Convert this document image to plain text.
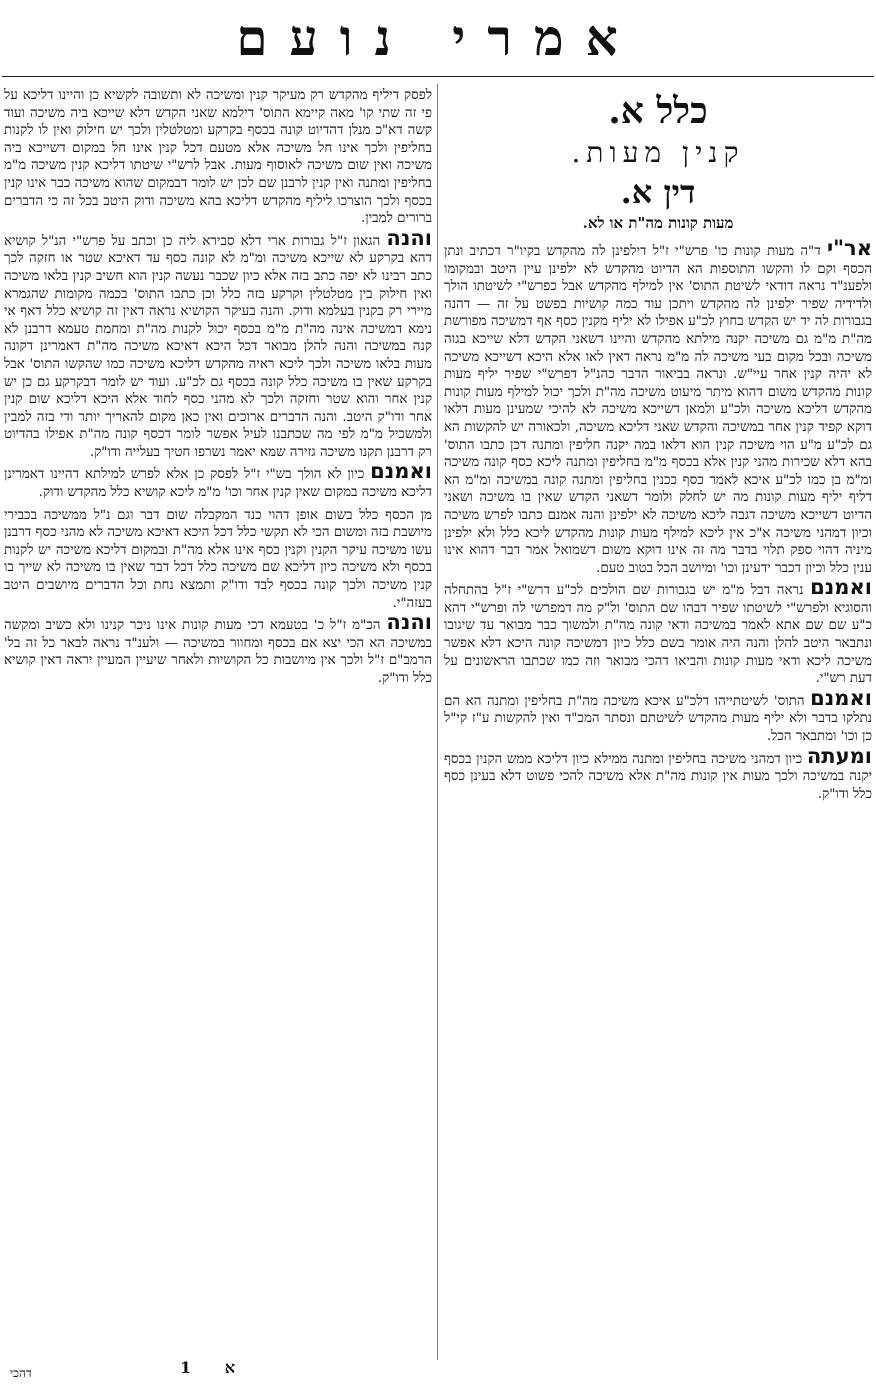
אמרי נועם
כלל א.
קנין מעות.
דין א.
מעות קונות מה"ת או לא.

אר"י ד"ה מעות קונות כו' פרש"י ז"ל דילפינן לה מהקדש בקיו"ר דכתיב ונתן הכסף וקם לו והקשו התוספות הא הדיוט מהקדש לא ילפינן עיין היטב ובמקומו ולפענ"ד נראה דודאי לשיטת התוס' אין למילף מהקדש אבל כפרש"י לשיטתו הולך ולדידיה שפיר ילפינן לה מהקדש ויתכן עוד כמה קושיות בפשט על זה — דהנה בגבורות לה יד יש הקדש בחוץ לכ"ע אפילו לא יליף מקנין כסף אף דמשיכה מפורשת מה"ת מ"מ גם משיכה יקנה מילתא מהקדש והיינו דשאני הקדש דלא שייכא בגוה משיכה ובכל מקום בעי משיכה לה מ"מ נראה דאין לאו אלא היכא דשייכא משיכה לא יהיה קנין אחר עיי"ש. ונראה בביאור הדבר כהנ"ל דפרש"י שפיר יליף מעות קונות מהקדש משום דהוא מיתר מיעוט משיכה מה"ת ולכך יכול למילף מעות קונות מהקדש דליכא משיכה ולכ"ע ולמאן דשייכא משיכה לא להיכי שמעינן מעות דלאו דוקא קפיד קנין אחר במשיכה והקדש שאני דליכא משיכה, ולכאורה יש להקשות הא גם לכ"ע מ"ע הוי משיכה קנין הוא דלאו במה יקנה חליפין ומתנה דכן כתבו התוס' בהא דלא שכירות מהני קנין אלא בכסף מ"מ בחליפין ומתנה ליכא כסף קונה משיכה ומ"מ בן כמו לכ"ע איכא לאמר כסף ככנין בחליפין ומתנה קונה במשיכה ומ"מ הא דליף יליף מעות קונות מה יש לחלק ולומר דשאני הקדש שאין בו משיכה ושאני הדיוט דשייכא משיכה דגבה ליכא משיכה לא ילפינן והנה אמנם כתבו לפרש משיכה וכיון דמהני משיכה א"כ אין ליכא למילף מעות קונות מהקדש ליכא כלל ולא ילפינן מיניה דהוי ספק תלוי בדבר מה זה אינו דוקא משום דשמואל אמר דבר דהוא אינו ענין כלל וכיון דכבר ידעינן וכו' ומיושב הכל בטוב טעם.

ואמנם נראה דבל מ"מ יש בגבורות שם הולכים לכ"ע דרש"י ז"ל בהתחלה והסוגיא ולפרש"י לשיטתו שפיר דבהו שם התוס' ול"ק מה דמפרשי לה ופרש"י דהא כ"ע שם שם אתא לאמר במשיכה ודאי קונה מה"ת ולמשוך כבר מבואר עד שיגובו ונתבאר היטב להלן והנה היה אומר בשם כלל כיון דמשיכה קונה היכא דלא אפשר משיכה ליכא ודאי מעות קונות והביאו דהכי מבואר וזה כמו שכתבו הראשונים על דעת רש"י.

ואמנם התוס' לשיטתייהו דלכ"ע איכא משיכה מה"ת בחליפין ומתנה הא הם נתלקו בדבר ולא יליף מעות מהקדש לשיטתם ונסתר המכ"ד ואין להקשות ע"ז קי"ל כן וכו' ומתבאר הכל.

ומעתה כיון דמהני משיכה בחליפין ומתנה ממילא כיון דליכא ממש הקנין בכסף יקנה במשיכה ולכך מעות אין קונות מה"ת אלא משיכה להכי פשוט דלא בעינן כסף כלל ודו"ק.

לפסק דיליף מהקדש רק מעיקר קנין ומשיכה לא ותשובה לקשיא כן והיינו דליכא על פי זה שתי קו' מאה קיימא התוס' דילמא שאני הקדש דלא שייכא ביה משיכה ועוד קשה דא"כ מנלן דהדיוט קונה בכסף בקרקע ומטלטלין ולכך יש חילוק ואין לו לקנות בחליפין ולכך אינו חל משיכה אלא מטעם דכל קנין אינו חל במקום דשייכא ביה משיכה ואין שום משיכה לאוסוף מעות. אבל לרש"י שיטתו דליכא קנין משיכה מ"מ בחליפין ומתנה ואין קנין לרבנן שם לכן יש לומר דבמקום שהוא משיכה כבר אינו קנין בכסף ולכך הוצרכו ליליף מהקדש דליכא בהא משיכה ודוק היטב בכל זה כי הדברים ברורים למבין.

והנה הגאון ז"ל גבורות ארי דלא סבירא ליה כן וכתב על פרש"י הנ"ל קושיא דהא בקרקע לא שייכא משיכה ומ"מ לא קונה כסף עד דאיכא שטר או חזקה לכך כתב רבינו לא יפה כתב בזה אלא כיון שכבר נעשה קנין הוא חשיב קנין בלאו משיכה ואין חילוק בין מטלטלין וקרקע בזה כלל וכן כתבו התוס' בכמה מקומות שהגמרא מיירי רק בקנין בעלמא ודוק. והנה בעיקר הקושיא נראה דאין זה קושיא כלל דאף אי נימא דמשיכה אינה מה"ת מ"מ בכסף יכול לקנות מה"ת ומחמת טעמא דרבנן לא קנה במשיכה והנה להלן מבואר דכל היכא דאיכא משיכה מה"ת דאמרינן דקונה מעות בלאו משיכה ולכך ליכא ראיה מהקדש דליכא משיכה כמו שהקשו התוס' אבל בקרקע שאין בו משיכה כלל קונה בכסף גם לכ"ע. ועוד יש לומר דבקרקע גם כן יש קנין אחר והוא שטר וחזקה ולכך לא מהני כסף לחוד אלא היכא דליכא שום קנין אחר ודו"ק היטב. והנה הדברים ארוכים ואין כאן מקום להאריך יותר ודי בזה למבין ולמשכיל מ"מ לפי מה שכתבנו לעיל אפשר לומר דכסף קונה מה"ת אפילו בהדיוט רק דרבנן תקנו משיכה גזירה שמא יאמר נשרפו חטיך בעלייה ודו"ק.

ואמנם כיון לא הולך בש"י ז"ל לפסק כן אלא לפרש למילתא דהיינו דאמרינן דליכא משיכה במקום שאין קנין אחר וכו' מ"מ ליכא קושיא כלל מהקדש ודוק.

מן הכסף כלל בשום אופן דהוי כנד המקבלה שום דבר וגם נ"ל ממשיכה בכבירי מיושבת בזה ומשום הכי לא תקשי כלל דכל היכא דאיכא משיכה לא מהני כסף דרבנן עשו משיכה עיקר הקנין וקנין כסף אינו אלא מה"ת ובמקום דליכא משיכה יש לקנות בכסף ולא משיכה כיון דליכא שם משיכה כלל דכל דבר שאין בו משיכה לא שייך בו קנין משיכה ולכך קונה בכסף לבד ודו"ק ותמצא נחת וכל הדברים מיושבים היטב בעזה"י.

והנה הכ"מ ז"ל כ' בטעמא דכי מעות קונות אינו ניכר קנינו ולא כשיב ומקשה במשיכה הא הכי יצא אם בכסף ומחוור במשיכה — ולענ"ד נראה לבאר כל זה בל' הרמב"ם ז"ל ולכך אין מיושבות כל הקושיות ולאחר שיעיין המעיין יראה דאין קושיא כלל ודו"ק.

א 1
דהכי
